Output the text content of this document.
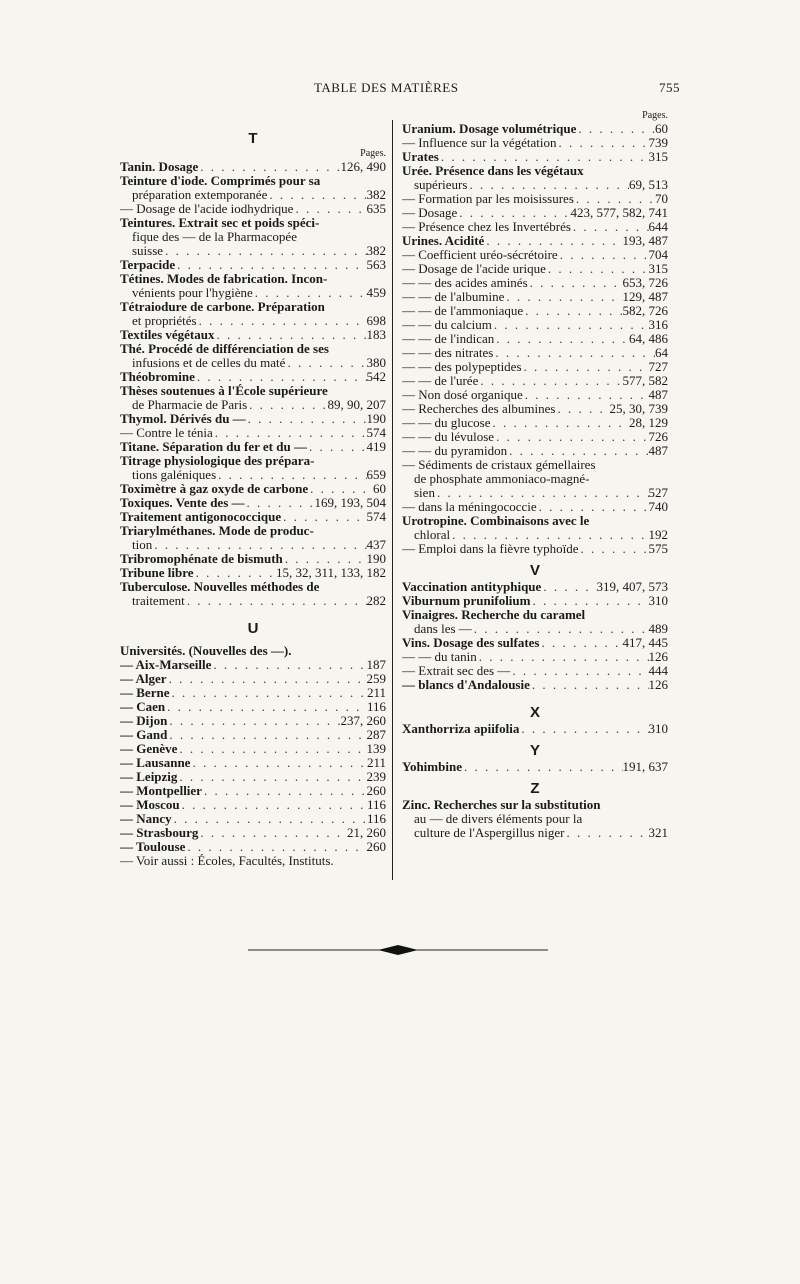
TABLE DES MATIÈRES	755
T
Pages.
Tanin. Dosage . . .	126, 490
Teinture d'iode. Comprimés pour sa
préparation extemporanée . . .	382
— Dosage de l'acide iodhydrique . . .	635
Teintures. Extrait sec et poids spéci-
fique des — de la Pharmacopée
suisse . . .	382
Terpacide . . .	563
Tétines. Modes de fabrication. Incon-
vénients pour l'hygiène . . .	459
Tétraiodure de carbone. Préparation
et propriétés . . .	698
Textiles végétaux . . .	183
Thé. Procédé de différenciation de ses
infusions et de celles du maté . . .	380
Théobromine . . .	542
Thèses soutenues à l'École supérieure
de Pharmacie de Paris . . .	89, 90, 207
Thymol. Dérivés du — . . .	190
— Contre le ténia . . .	574
Titane. Séparation du fer et du — . . .	419
Titrage physiologique des prépara-
tions galéniques . . .	659
Toximètre à gaz oxyde de carbone . . .	60
Toxiques. Vente des — . . .	169, 193, 504
Traitement antigonococcique . . .	574
Triarylméthanes. Mode de produc-
tion . . .	437
Tribromophénate de bismuth . . .	190
Tribune libre . . .	15, 32, 311, 133, 182
Tuberculose. Nouvelles méthodes de
traitement . . .	282
U
Universités. (Nouvelles des —).
— Aix-Marseille . . .	187
— Alger . . .	259
— Berne . . .	211
— Caen . . .	116
— Dijon . . .	237, 260
— Gand . . .	287
— Genève . . .	139
— Lausanne . . .	211
— Leipzig . . .	239
— Montpellier . . .	260
— Moscou . . .	116
— Nancy . . .	116
— Strasbourg . . .	21, 260
— Toulouse . . .	260
— Voir aussi : Écoles, Facultés, Instituts.
Pages.
Uranium. Dosage volumétrique . . .	60
— Influence sur la végétation . . .	739
Urates . . .	315
Urée. Présence dans les végétaux
supérieurs . . .	69, 513
— Formation par les moisissures . . .	70
— Dosage . . .	423, 577, 582, 741
— Présence chez les Invertébrés . . .	644
Urines. Acidité . . .	193, 487
— Coefficient uréo-sécrétoire . . .	704
— Dosage de l'acide urique . . .	315
— — des acides aminés . . .	653, 726
— — de l'albumine . . .	129, 487
— — de l'ammoniaque . . .	582, 726
— — du calcium . . .	316
— — de l'indican . . .	64, 486
— — des nitrates . . .	64
— — des polypeptides . . .	727
— — de l'urée . . .	577, 582
— Non dosé organique . . .	487
— Recherches des albumines . . .	25, 30, 739
— — du glucose . . .	28, 129
— — du lévulose . . .	726
— — du pyramidon . . .	487
— Sédiments de cristaux gémellaires
de phosphate ammoniaco-magné-
sien . . .	527
— dans la méningococcie . . .	740
Urotropine. Combinaisons avec le
chloral . . .	192
— Emploi dans la fièvre typhoïde . . .	575
V
Vaccination antityphique . . .	319, 407, 573
Viburnum prunifolium . . .	310
Vinaigres. Recherche du caramel
dans les — . . .	489
Vins. Dosage des sulfates . . .	417, 445
— — du tanin . . .	126
— Extrait sec des — . . .	444
— blancs d'Andalousie . . .	126
X
Xanthorriza apiifolia . . .	310
Y
Yohimbine . . .	191, 637
Z
Zinc. Recherches sur la substitution
au — de divers éléments pour la
culture de l'Aspergillus niger . . .	321
